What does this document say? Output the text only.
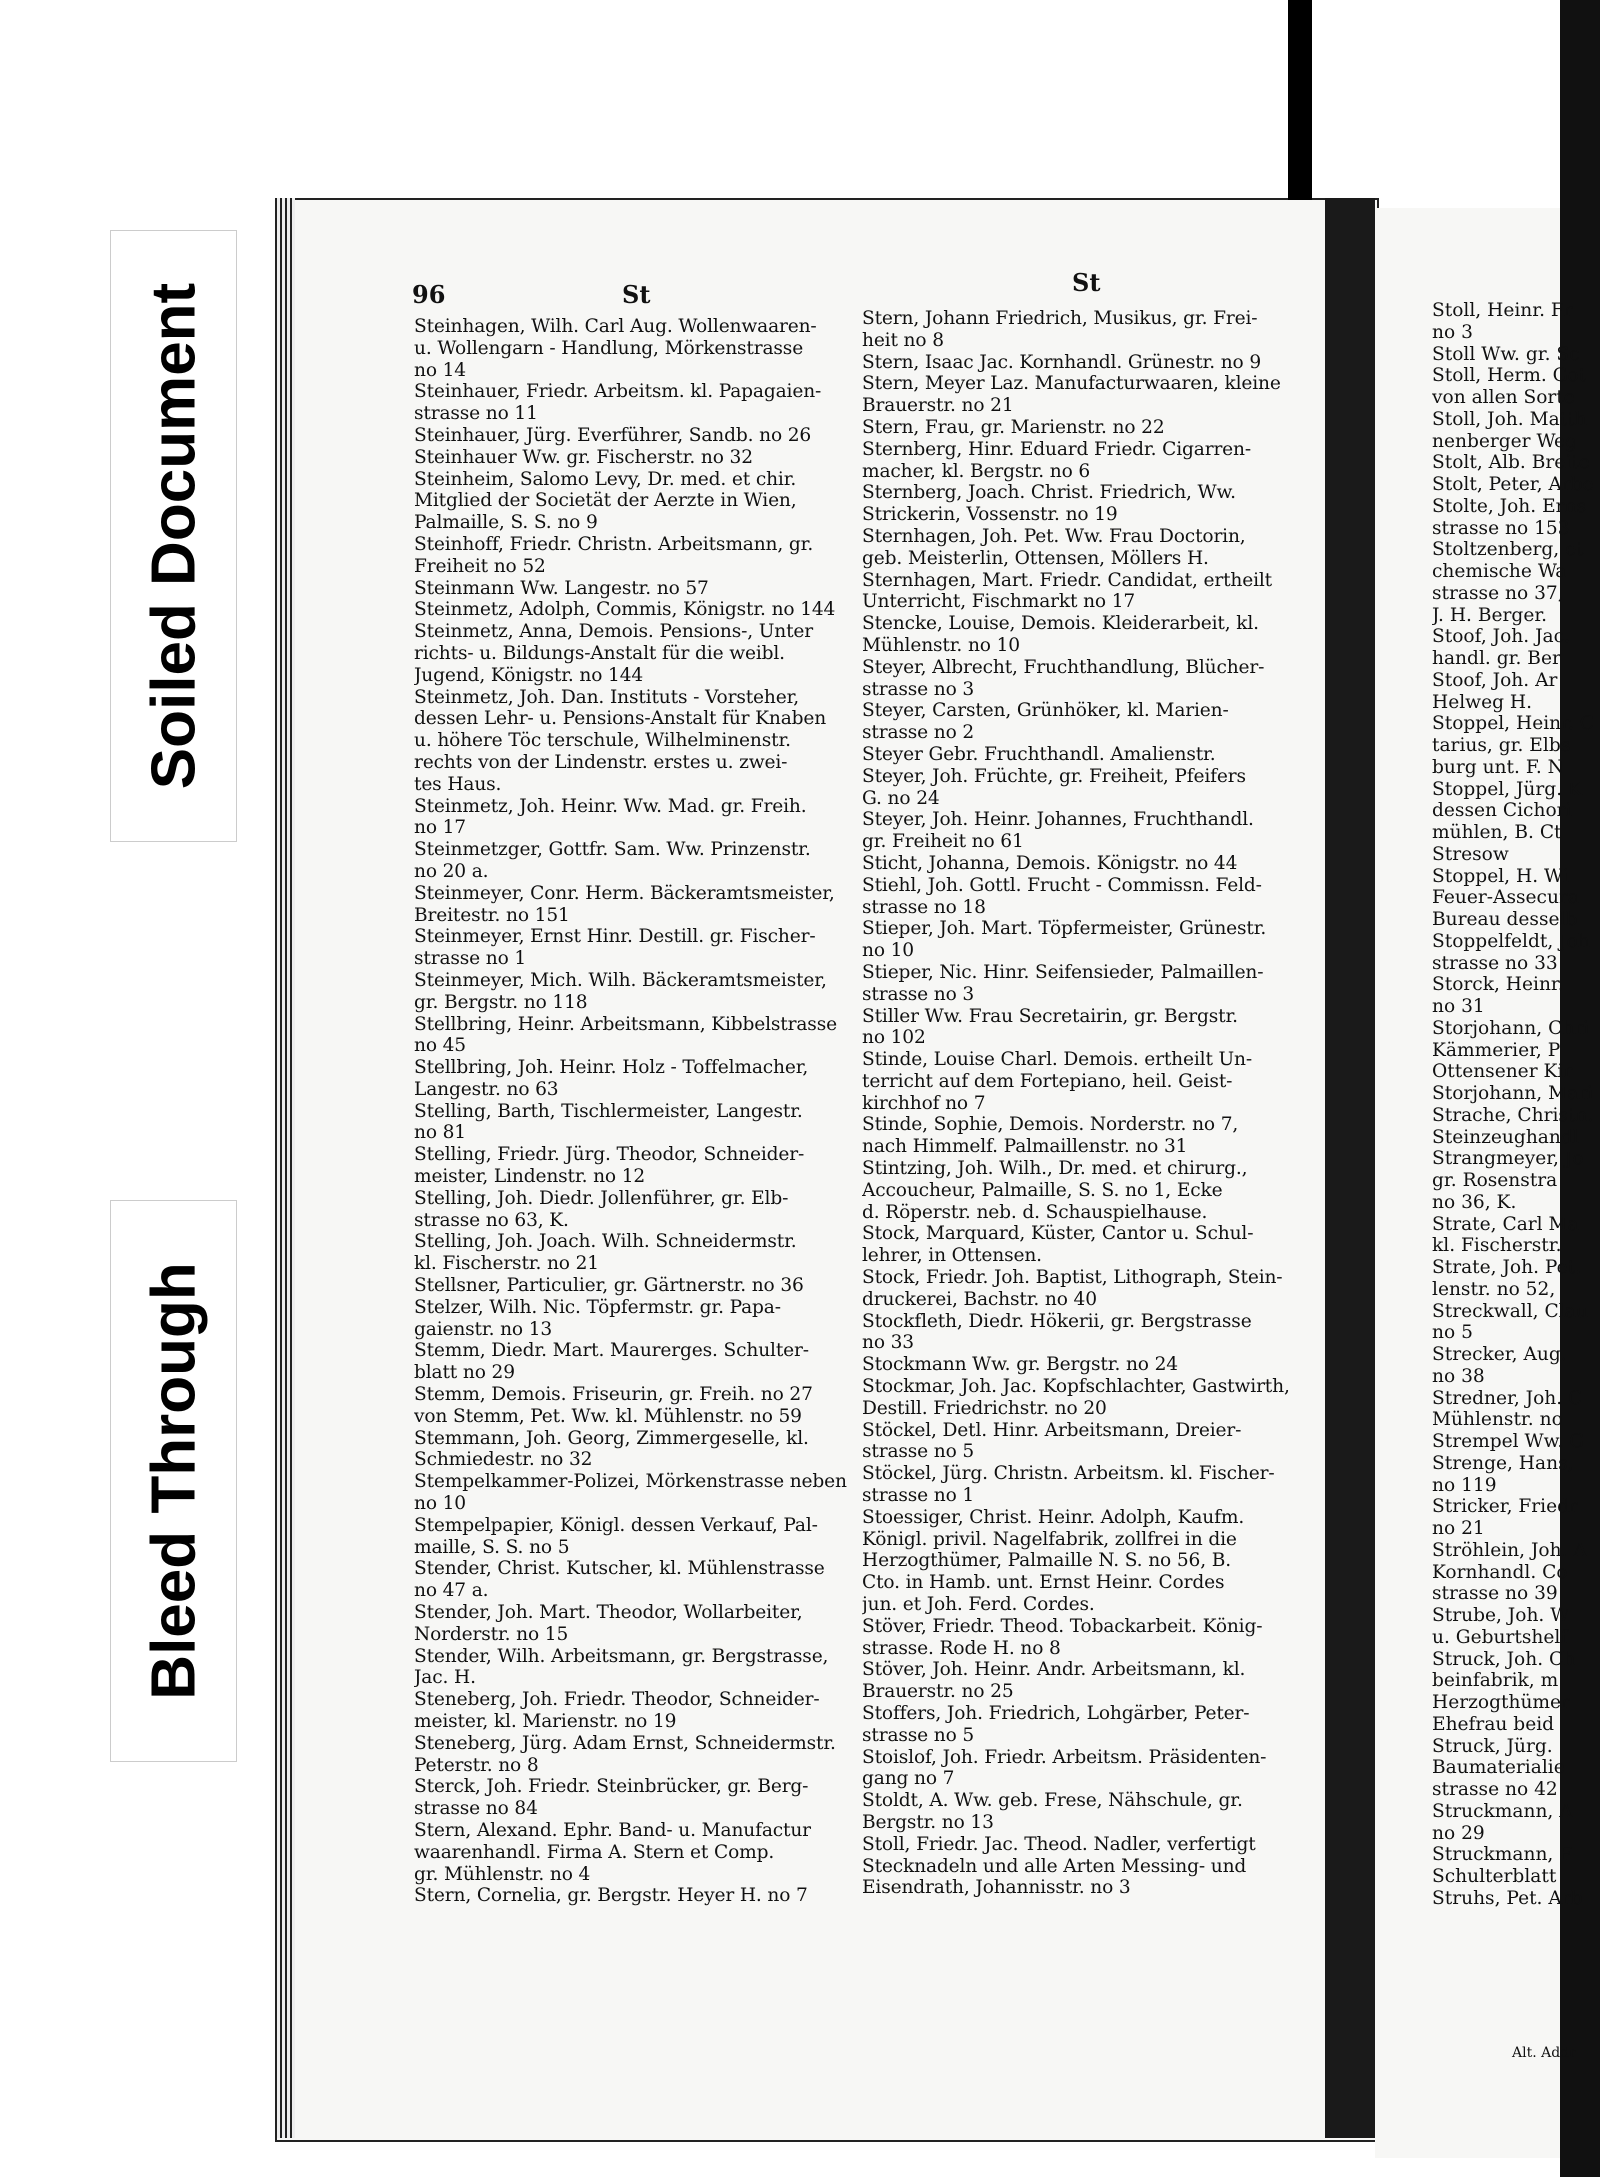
Soiled Document
Bleed Through
96	St	St
Steinhagen, Wilh. Carl Aug. Wollenwaaren-
u. Wollengarn - Handlung, Mörkenstrasse
no 14
Steinhauer, Friedr. Arbeitsm. kl. Papagaien-
strasse no 11
Steinhauer, Jürg. Everführer, Sandb. no 26
Steinhauer Ww. gr. Fischerstr. no 32
Steinheim, Salomo Levy, Dr. med. et chir.
Mitglied der Societät der Aerzte in Wien,
Palmaille, S. S. no 9
Steinhoff, Friedr. Christn. Arbeitsmann, gr.
Freiheit no 52
Steinmann Ww. Langestr. no 57
Steinmetz, Adolph, Commis, Königstr. no 144
Steinmetz, Anna, Demois. Pensions-, Unter
richts- u. Bildungs-Anstalt für die weibl.
Jugend, Königstr. no 144
Steinmetz, Joh. Dan. Instituts - Vorsteher,
dessen Lehr- u. Pensions-Anstalt für Knaben
u. höhere Töc terschule, Wilhelminenstr.
rechts von der Lindenstr. erstes u. zwei-
tes Haus.
Steinmetz, Joh. Heinr. Ww. Mad. gr. Freih.
no 17
Steinmetzger, Gottfr. Sam. Ww. Prinzenstr.
no 20 a.
Steinmeyer, Conr. Herm. Bäckeramtsmeister,
Breitestr. no 151
Steinmeyer, Ernst Hinr. Destill. gr. Fischer-
strasse no 1
Steinmeyer, Mich. Wilh. Bäckeramtsmeister,
gr. Bergstr. no 118
Stellbring, Heinr. Arbeitsmann, Kibbelstrasse
no 45
Stellbring, Joh. Heinr. Holz - Toffelmacher,
Langestr. no 63
Stelling, Barth, Tischlermeister, Langestr.
no 81
Stelling, Friedr. Jürg. Theodor, Schneider-
meister, Lindenstr. no 12
Stelling, Joh. Diedr. Jollenführer, gr. Elb-
strasse no 63, K.
Stelling, Joh. Joach. Wilh. Schneidermstr.
kl. Fischerstr. no 21
Stellsner, Particulier, gr. Gärtnerstr. no 36
Stelzer, Wilh. Nic. Töpfermstr. gr. Papa-
gaienstr. no 13
Stemm, Diedr. Mart. Maurerges. Schulter-
blatt no 29
Stemm, Demois. Friseurin, gr. Freih. no 27
von Stemm, Pet. Ww. kl. Mühlenstr. no 59
Stemmann, Joh. Georg, Zimmergeselle, kl.
Schmiedestr. no 32
Stempelkammer-Polizei, Mörkenstrasse neben
no 10
Stempelpapier, Königl. dessen Verkauf, Pal-
maille, S. S. no 5
Stender, Christ. Kutscher, kl. Mühlenstrasse
no 47 a.
Stender, Joh. Mart. Theodor, Wollarbeiter,
Norderstr. no 15
Stender, Wilh. Arbeitsmann, gr. Bergstrasse,
Jac. H.
Steneberg, Joh. Friedr. Theodor, Schneider-
meister, kl. Marienstr. no 19
Steneberg, Jürg. Adam Ernst, Schneidermstr.
Peterstr. no 8
Sterck, Joh. Friedr. Steinbrücker, gr. Berg-
strasse no 84
Stern, Alexand. Ephr. Band- u. Manufactur
waarenhandl. Firma A. Stern et Comp.
gr. Mühlenstr. no 4
Stern, Cornelia, gr. Bergstr. Heyer H. no 7
Stern, Johann Friedrich, Musikus, gr. Frei-
heit no 8
Stern, Isaac Jac. Kornhandl. Grünestr. no 9
Stern, Meyer Laz. Manufacturwaaren, kleine
Brauerstr. no 21
Stern, Frau, gr. Marienstr. no 22
Sternberg, Hinr. Eduard Friedr. Cigarren-
macher, kl. Bergstr. no 6
Sternberg, Joach. Christ. Friedrich, Ww.
Strickerin, Vossenstr. no 19
Sternhagen, Joh. Pet. Ww. Frau Doctorin,
geb. Meisterlin, Ottensen, Möllers H.
Sternhagen, Mart. Friedr. Candidat, ertheilt
Unterricht, Fischmarkt no 17
Stencke, Louise, Demois. Kleiderarbeit, kl.
Mühlenstr. no 10
Steyer, Albrecht, Fruchthandlung, Blücher-
strasse no 3
Steyer, Carsten, Grünhöker, kl. Marien-
strasse no 2
Steyer Gebr. Fruchthandl. Amalienstr.
Steyer, Joh. Früchte, gr. Freiheit, Pfeifers
G. no 24
Steyer, Joh. Heinr. Johannes, Fruchthandl.
gr. Freiheit no 61
Sticht, Johanna, Demois. Königstr. no 44
Stiehl, Joh. Gottl. Frucht - Commissn. Feld-
strasse no 18
Stieper, Joh. Mart. Töpfermeister, Grünestr.
no 10
Stieper, Nic. Hinr. Seifensieder, Palmaillen-
strasse no 3
Stiller Ww. Frau Secretairin, gr. Bergstr.
no 102
Stinde, Louise Charl. Demois. ertheilt Un-
terricht auf dem Fortepiano, heil. Geist-
kirchhof no 7
Stinde, Sophie, Demois. Norderstr. no 7,
nach Himmelf. Palmaillenstr. no 31
Stintzing, Joh. Wilh., Dr. med. et chirurg.,
Accoucheur, Palmaille, S. S. no 1, Ecke
d. Röperstr. neb. d. Schauspielhause.
Stock, Marquard, Küster, Cantor u. Schul-
lehrer, in Ottensen.
Stock, Friedr. Joh. Baptist, Lithograph, Stein-
druckerei, Bachstr. no 40
Stockfleth, Diedr. Hökerii, gr. Bergstrasse
no 33
Stockmann Ww. gr. Bergstr. no 24
Stockmar, Joh. Jac. Kopfschlachter, Gastwirth,
Destill. Friedrichstr. no 20
Stöckel, Detl. Hinr. Arbeitsmann, Dreier-
strasse no 5
Stöckel, Jürg. Christn. Arbeitsm. kl. Fischer-
strasse no 1
Stoessiger, Christ. Heinr. Adolph, Kaufm.
Königl. privil. Nagelfabrik, zollfrei in die
Herzogthümer, Palmaille N. S. no 56, B.
Cto. in Hamb. unt. Ernst Heinr. Cordes
jun. et Joh. Ferd. Cordes.
Stöver, Friedr. Theod. Tobackarbeit. König-
strasse. Rode H. no 8
Stöver, Joh. Heinr. Andr. Arbeitsmann, kl.
Brauerstr. no 25
Stoffers, Joh. Friedrich, Lohgärber, Peter-
strasse no 5
Stoislof, Joh. Friedr. Arbeitsm. Präsidenten-
gang no 7
Stoldt, A. Ww. geb. Frese, Nähschule, gr.
Bergstr. no 13
Stoll, Friedr. Jac. Theod. Nadler, verfertigt
Stecknadeln und alle Arten Messing- und
Eisendrath, Johannisstr. no 3
Stoll, Heinr. Fr
no 3
Stoll Ww. gr. Sc
Stoll, Herm. Got
von allen Sorte
Stoll, Joh. Matth
nenberger Weg
Stolt, Alb. Breite
Stolt, Peter, Arbe
Stolte, Joh. Erns
strasse no 153
Stoltzenberg, et
chemische Wa
strasse no 37,
J. H. Berger.
Stoof, Joh. Jac.
handl. gr. Ber
Stoof, Joh. Ar
Helweg H.
Stoppel, Heinr. C
tarius, gr. Elbs
burg unt. F. N
Stoppel, Jürg. K
dessen Cichori
mühlen, B. Ct
Stresow
Stoppel, H. Wi
Feuer-Assecura
Bureau desselb
Stoppelfeldt, Joh
strasse no 33
Storck, Heinr.
no 31
Storjohann, Chri
Kämmerier, P
Ottensener Kir
Storjohann, Mari
Strache, Christn.
Steinzeughandl
Strangmeyer, Jo
gr. Rosenstra
no 36, K.
Strate, Carl Ma
kl. Fischerstr.
Strate, Joh. Pet.
lenstr. no 52,
Streckwall, Clau
no 5
Strecker, Aug.
no 38
Stredner, Joh. C
Mühlenstr. no
Strempel Ww. G
Strenge, Hans,
no 119
Stricker, Friedr
no 21
Ströhlein, Joh. A
Kornhandl. Co
strasse no 39
Strube, Joh. W
u. Geburtshelf
Struck, Joh. Ch
beinfabrik, m
Herzogthümer
Ehefrau beid
Struck, Jürg.
Baumaterialie
strasse no 42
Struckmann, A
no 29
Struckmann, F
Schulterblatt
Struhs, Pet. Arb
Alt. Addr
